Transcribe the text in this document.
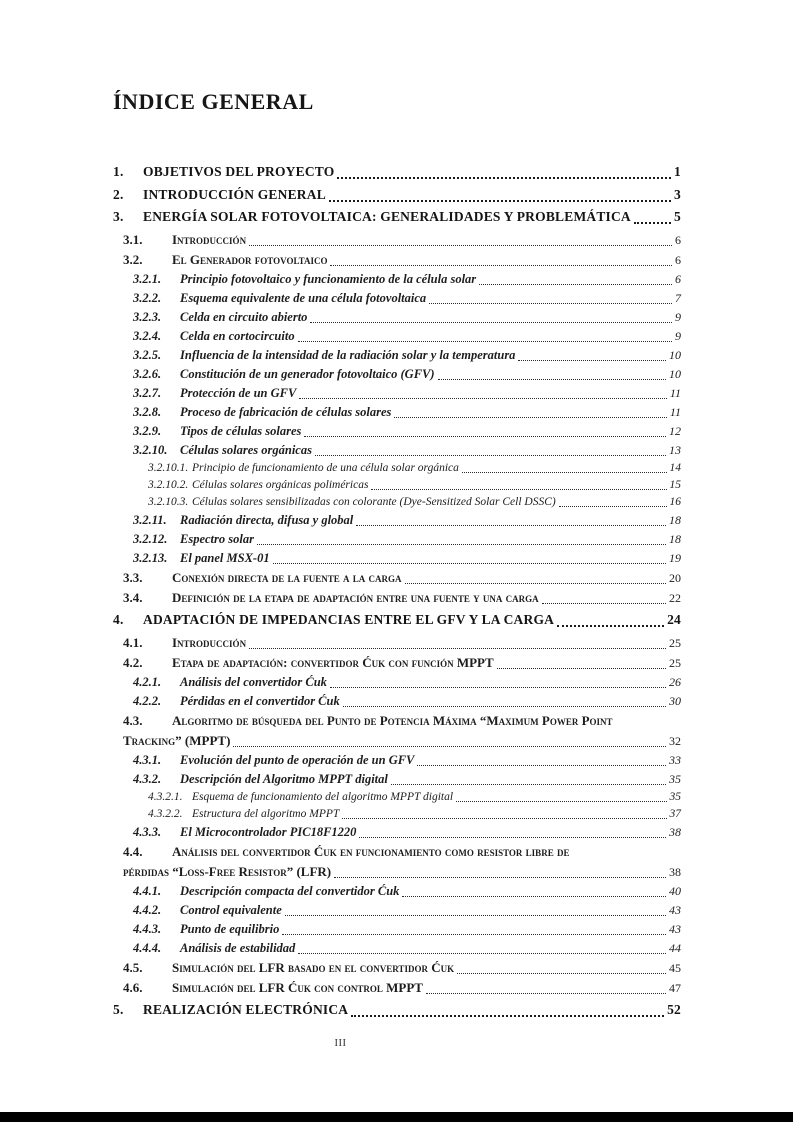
ÍNDICE GENERAL
1.	OBJETIVOS DEL PROYECTO	1
2.	INTRODUCCIÓN GENERAL	3
3.	ENERGÍA SOLAR FOTOVOLTAICA: GENERALIDADES Y PROBLEMÁTICA	5
3.1.	Introducción	6
3.2.	El Generador fotovoltaico	6
3.2.1.	Principio fotovoltaico y funcionamiento de la célula solar	6
3.2.2.	Esquema equivalente de una célula fotovoltaica	7
3.2.3.	Celda en circuito abierto	9
3.2.4.	Celda en cortocircuito	9
3.2.5.	Influencia de la intensidad de la radiación solar y la temperatura	10
3.2.6.	Constitución de un generador fotovoltaico (GFV)	10
3.2.7.	Protección de un GFV	11
3.2.8.	Proceso de fabricación de células solares	11
3.2.9.	Tipos de células solares	12
3.2.10.	Células solares orgánicas	13
3.2.10.1. Principio de funcionamiento de una célula solar orgánica	14
3.2.10.2. Células solares orgánicas poliméricas	15
3.2.10.3. Células solares sensibilizadas con colorante (Dye-Sensitized Solar Cell DSSC)	16
3.2.11.	Radiación directa, difusa y global	18
3.2.12.	Espectro solar	18
3.2.13.	El panel MSX-01	19
3.3.	Conexión directa de la fuente a la carga	20
3.4.	Definición de la etapa de adaptación entre una fuente y una carga	22
4.	ADAPTACIÓN DE IMPEDANCIAS ENTRE EL GFV Y LA CARGA	24
4.1.	Introducción	25
4.2.	Etapa de adaptación: convertidor Ćuk con función MPPT	25
4.2.1.	Análisis del convertidor Ćuk	26
4.2.2.	Pérdidas en el convertidor Ćuk	30
4.3.	Algoritmo de búsqueda del Punto de Potencia Máxima “Maximum Power Point
Tracking” (MPPT)	32
4.3.1.	Evolución del punto de operación de un GFV	33
4.3.2.	Descripción del Algoritmo MPPT digital	35
4.3.2.1. Esquema de funcionamiento del algoritmo MPPT digital	35
4.3.2.2. Estructura del algoritmo MPPT	37
4.3.3.	El Microcontrolador PIC18F1220	38
4.4.	Análisis del convertidor Ćuk en funcionamiento como resistor libre de
pérdidas “Loss-Free Resistor” (LFR)	38
4.4.1.	Descripción compacta del convertidor Ćuk	40
4.4.2.	Control equivalente	43
4.4.3.	Punto de equilibrio	43
4.4.4.	Análisis de estabilidad	44
4.5.	Simulación del LFR basado en el convertidor Ćuk	45
4.6.	Simulación del LFR Ćuk con control MPPT	47
5.	REALIZACIÓN ELECTRÓNICA	52
III
